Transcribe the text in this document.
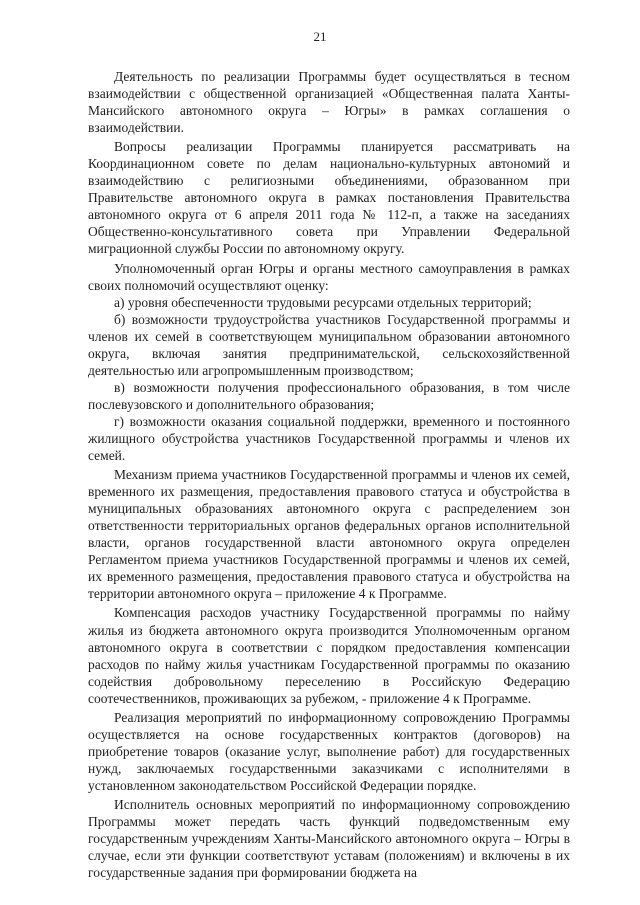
21

Деятельность по реализации Программы будет осуществляться в тесном взаимодействии с общественной организацией «Общественная палата Ханты-Мансийского автономного округа – Югры» в рамках соглашения о взаимодействии.

Вопросы реализации Программы планируется рассматривать на Координационном совете по делам национально-культурных автономий и взаимодействию с религиозными объединениями, образованном при Правительстве автономного округа в рамках постановления Правительства автономного округа от 6 апреля 2011 года № 112-п, а также на заседаниях Общественно-консультативного совета при Управлении Федеральной миграционной службы России по автономному округу.

Уполномоченный орган Югры и органы местного самоуправления в рамках своих полномочий осуществляют оценку:

а) уровня обеспеченности трудовыми ресурсами отдельных территорий;

б) возможности трудоустройства участников Государственной программы и членов их семей в соответствующем муниципальном образовании автономного округа, включая занятия предпринимательской, сельскохозяйственной деятельностью или агропромышленным производством;

в) возможности получения профессионального образования, в том числе послевузовского и дополнительного образования;

г) возможности оказания социальной поддержки, временного и постоянного жилищного обустройства участников Государственной программы и членов их семей.

Механизм приема участников Государственной программы и членов их семей, временного их размещения, предоставления правового статуса и обустройства в муниципальных образованиях автономного округа с распределением зон ответственности территориальных органов федеральных органов исполнительной власти, органов государственной власти автономного округа определен Регламентом приема участников Государственной программы и членов их семей, их временного размещения, предоставления правового статуса и обустройства на территории автономного округа – приложение 4 к Программе.

Компенсация расходов участнику Государственной программы по найму жилья из бюджета автономного округа производится Уполномоченным органом автономного округа в соответствии с порядком предоставления компенсации расходов по найму жилья участникам Государственной программы по оказанию содействия добровольному переселению в Российскую Федерацию соотечественников, проживающих за рубежом, - приложение 4 к Программе.

Реализация мероприятий по информационному сопровождению Программы осуществляется на основе государственных контрактов (договоров) на приобретение товаров (оказание услуг, выполнение работ) для государственных нужд, заключаемых государственными заказчиками с исполнителями в установленном законодательством Российской Федерации порядке.

Исполнитель основных мероприятий по информационному сопровождению Программы может передать часть функций подведомственным ему государственным учреждениям Ханты-Мансийского автономного округа – Югры в случае, если эти функции соответствуют уставам (положениям) и включены в их государственные задания при формировании бюджета на
